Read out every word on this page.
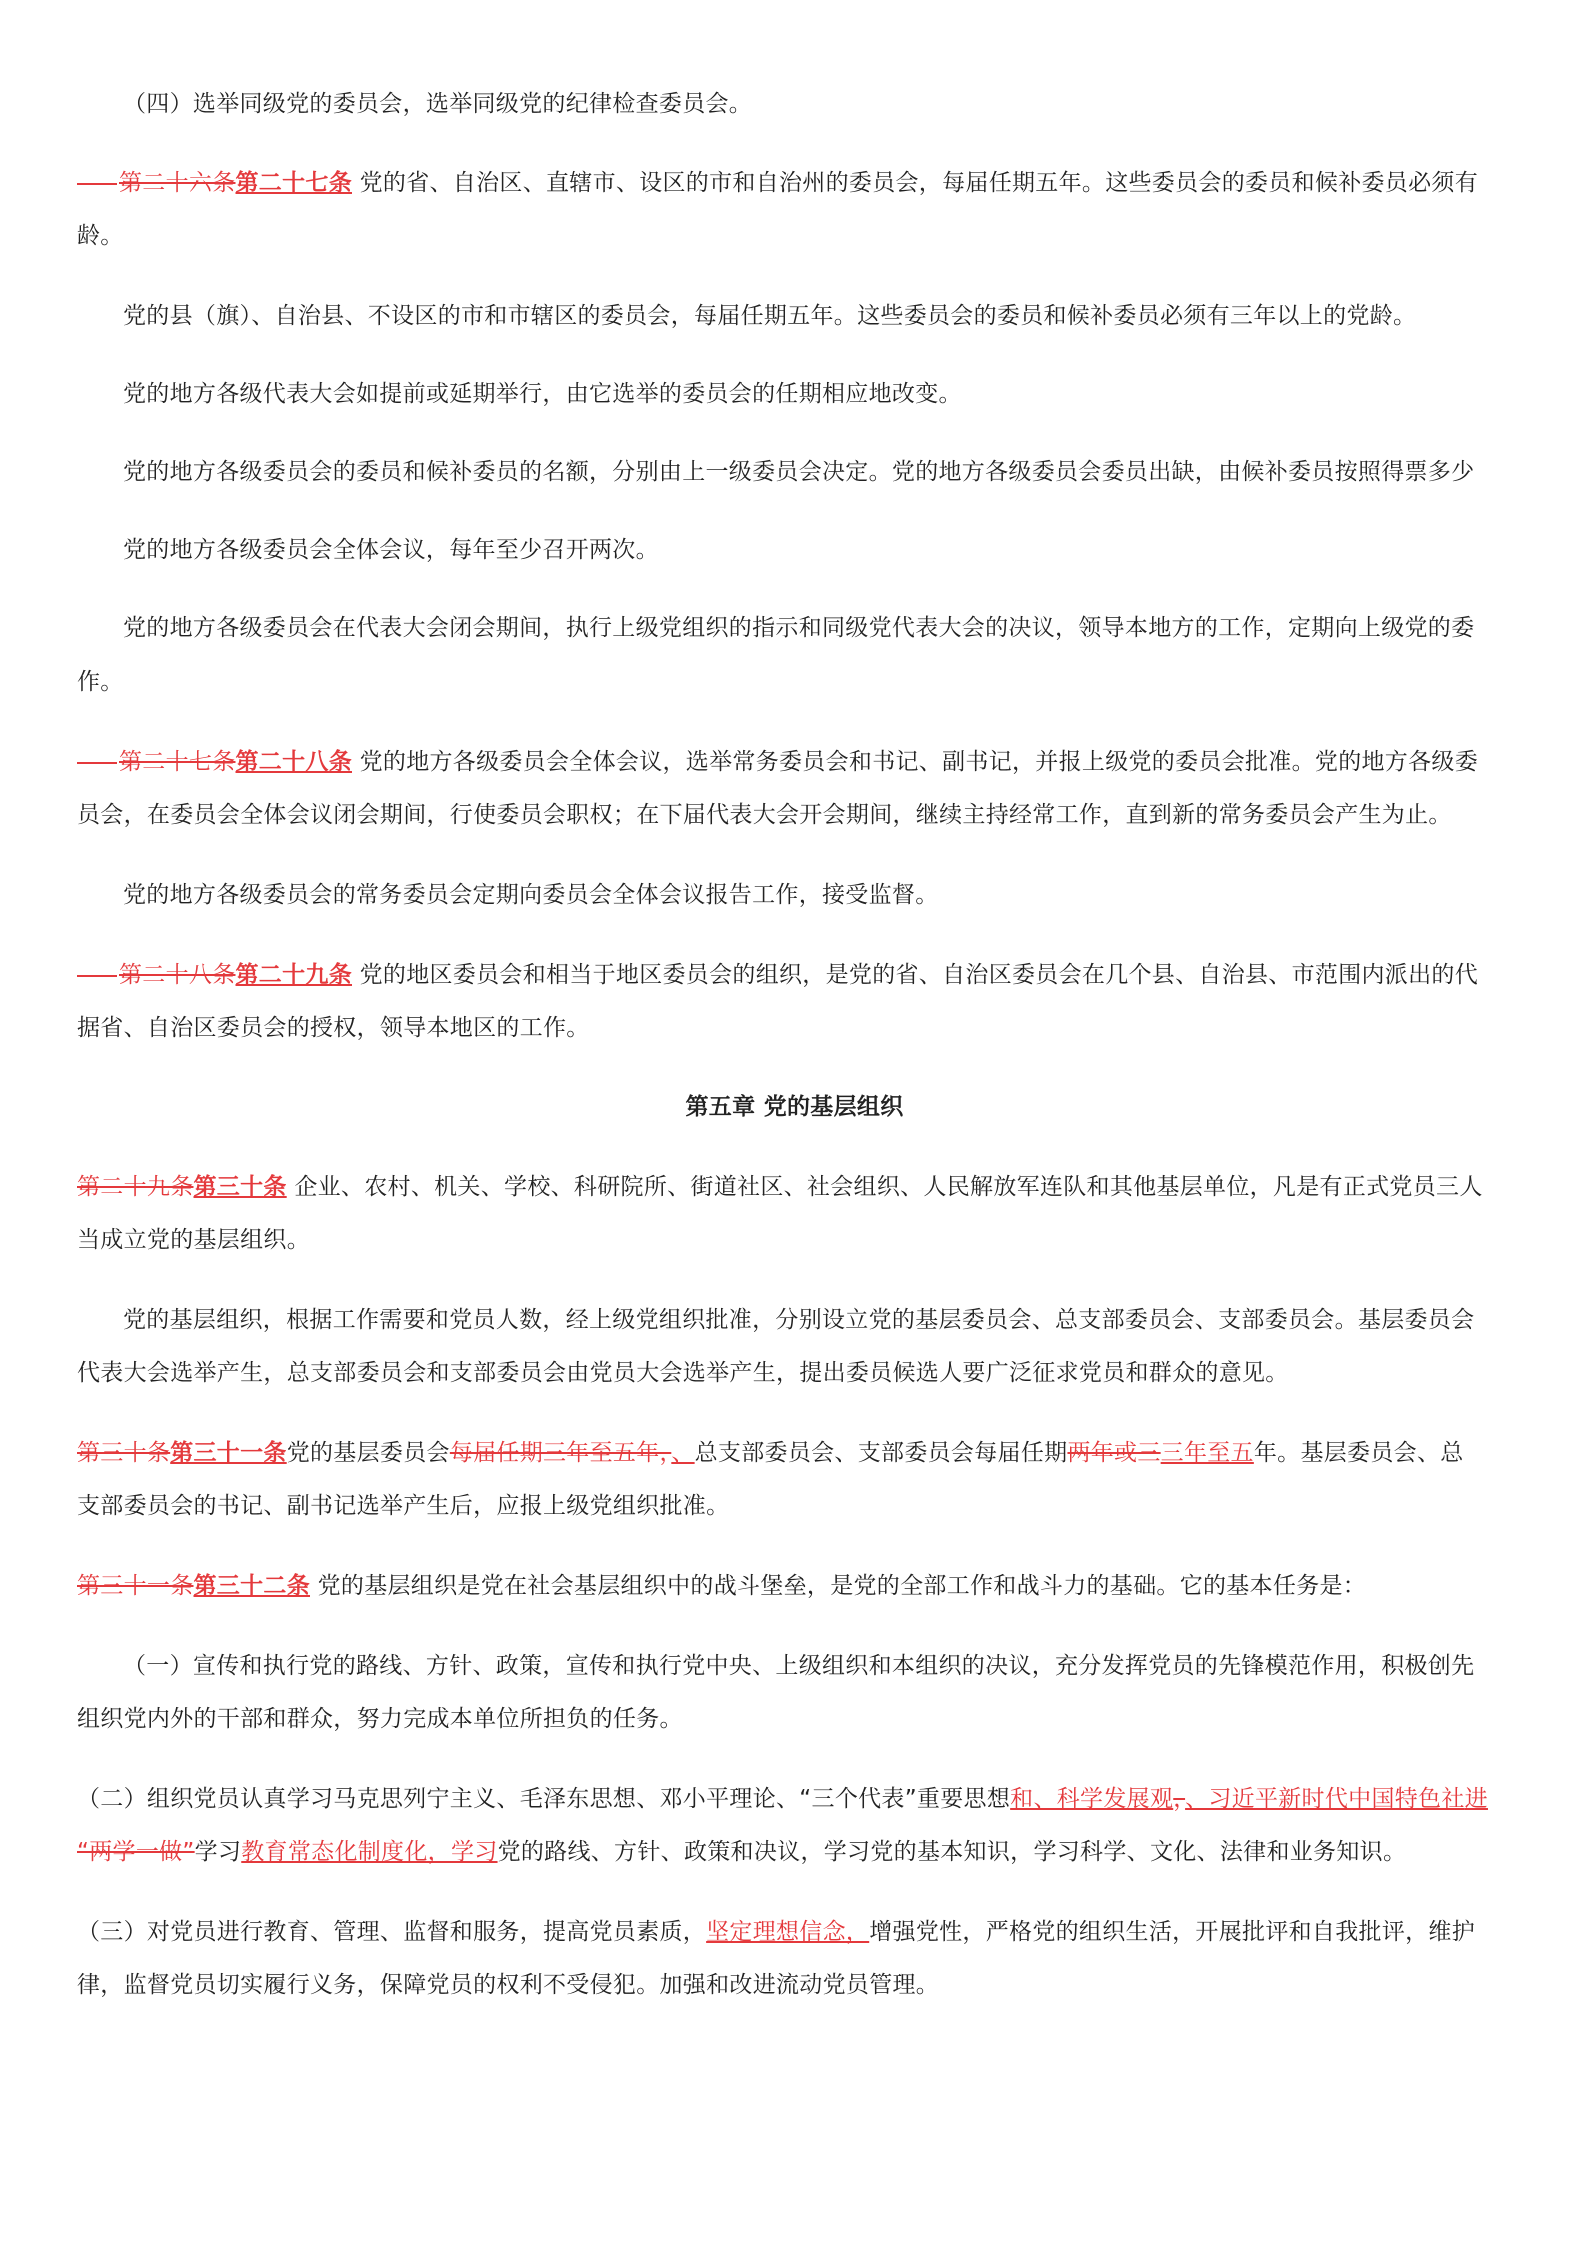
（四）选举同级党的委员会，选举同级党的纪律检查委员会。
第二十六条第二十七条 党的省、自治区、直辖市、设区的市和自治州的委员会，每届任期五年。这些委员会的委员和候补委员必须有
龄。
党的县（旗）、自治县、不设区的市和市辖区的委员会，每届任期五年。这些委员会的委员和候补委员必须有三年以上的党龄。
党的地方各级代表大会如提前或延期举行，由它选举的委员会的任期相应地改变。
党的地方各级委员会的委员和候补委员的名额，分别由上一级委员会决定。党的地方各级委员会委员出缺，由候补委员按照得票多少
党的地方各级委员会全体会议，每年至少召开两次。
党的地方各级委员会在代表大会闭会期间，执行上级党组织的指示和同级党代表大会的决议，领导本地方的工作，定期向上级党的委
作。
第二十七条第二十八条 党的地方各级委员会全体会议，选举常务委员会和书记、副书记，并报上级党的委员会批准。党的地方各级委
员会，在委员会全体会议闭会期间，行使委员会职权；在下届代表大会开会期间，继续主持经常工作，直到新的常务委员会产生为止。
党的地方各级委员会的常务委员会定期向委员会全体会议报告工作，接受监督。
第二十八条第二十九条 党的地区委员会和相当于地区委员会的组织，是党的省、自治区委员会在几个县、自治县、市范围内派出的代
据省、自治区委员会的授权，领导本地区的工作。
第五章 党的基层组织
第二十九条第三十条 企业、农村、机关、学校、科研院所、街道社区、社会组织、人民解放军连队和其他基层单位，凡是有正式党员三人
当成立党的基层组织。
党的基层组织，根据工作需要和党员人数，经上级党组织批准，分别设立党的基层委员会、总支部委员会、支部委员会。基层委员会
代表大会选举产生，总支部委员会和支部委员会由党员大会选举产生，提出委员候选人要广泛征求党员和群众的意见。
第三十条第三十一条党的基层委员会每届任期三年至五年，、总支部委员会、支部委员会每届任期两年或三三年至五年。基层委员会、总
支部委员会的书记、副书记选举产生后，应报上级党组织批准。
第三十一条第三十二条 党的基层组织是党在社会基层组织中的战斗堡垒，是党的全部工作和战斗力的基础。它的基本任务是：
（一）宣传和执行党的路线、方针、政策，宣传和执行党中央、上级组织和本组织的决议，充分发挥党员的先锋模范作用，积极创先
组织党内外的干部和群众，努力完成本单位所担负的任务。
（二）组织党员认真学习马克思列宁主义、毛泽东思想、邓小平理论、“三个代表”重要思想和、科学发展观，、习近平新时代中国特色社进
“两学一做”学习教育常态化制度化，学习党的路线、方针、政策和决议，学习党的基本知识，学习科学、文化、法律和业务知识。
（三）对党员进行教育、管理、监督和服务，提高党员素质，坚定理想信念，增强党性，严格党的组织生活，开展批评和自我批评，维护
律，监督党员切实履行义务，保障党员的权利不受侵犯。加强和改进流动党员管理。
